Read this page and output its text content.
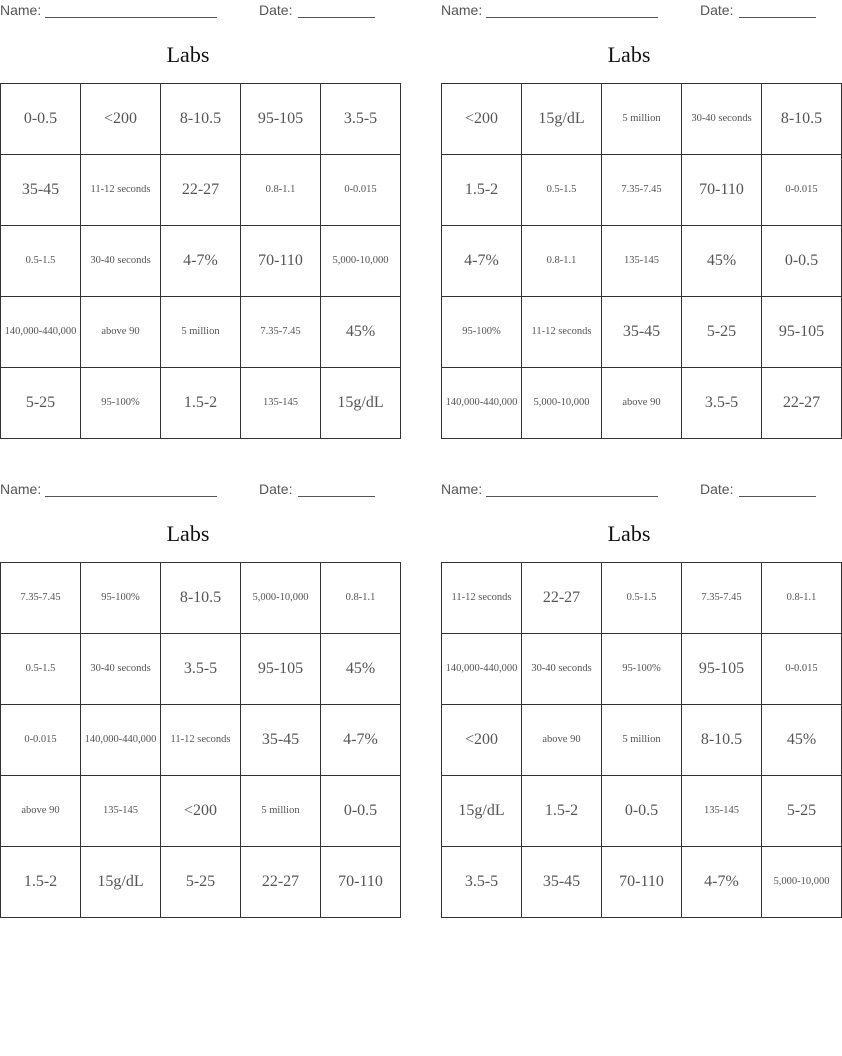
Name:	Date:
Labs
0-0.5	<200	8-10.5	95-105	3.5-5
35-45	11-12 seconds	22-27	0.8-1.1	0-0.015
0.5-1.5	30-40 seconds	4-7%	70-110	5,000-10,000
140,000-440,000	above 90	5 million	7.35-7.45	45%
5-25	95-100%	1.5-2	135-145	15g/dL
Name:	Date:
Labs
<200	15g/dL	5 million	30-40 seconds	8-10.5
1.5-2	0.5-1.5	7.35-7.45	70-110	0-0.015
4-7%	0.8-1.1	135-145	45%	0-0.5
95-100%	11-12 seconds	35-45	5-25	95-105
140,000-440,000	5,000-10,000	above 90	3.5-5	22-27
Name:	Date:
Labs
7.35-7.45	95-100%	8-10.5	5,000-10,000	0.8-1.1
0.5-1.5	30-40 seconds	3.5-5	95-105	45%
0-0.015	140,000-440,000	11-12 seconds	35-45	4-7%
above 90	135-145	<200	5 million	0-0.5
1.5-2	15g/dL	5-25	22-27	70-110
Name:	Date:
Labs
11-12 seconds	22-27	0.5-1.5	7.35-7.45	0.8-1.1
140,000-440,000	30-40 seconds	95-100%	95-105	0-0.015
<200	above 90	5 million	8-10.5	45%
15g/dL	1.5-2	0-0.5	135-145	5-25
3.5-5	35-45	70-110	4-7%	5,000-10,000
